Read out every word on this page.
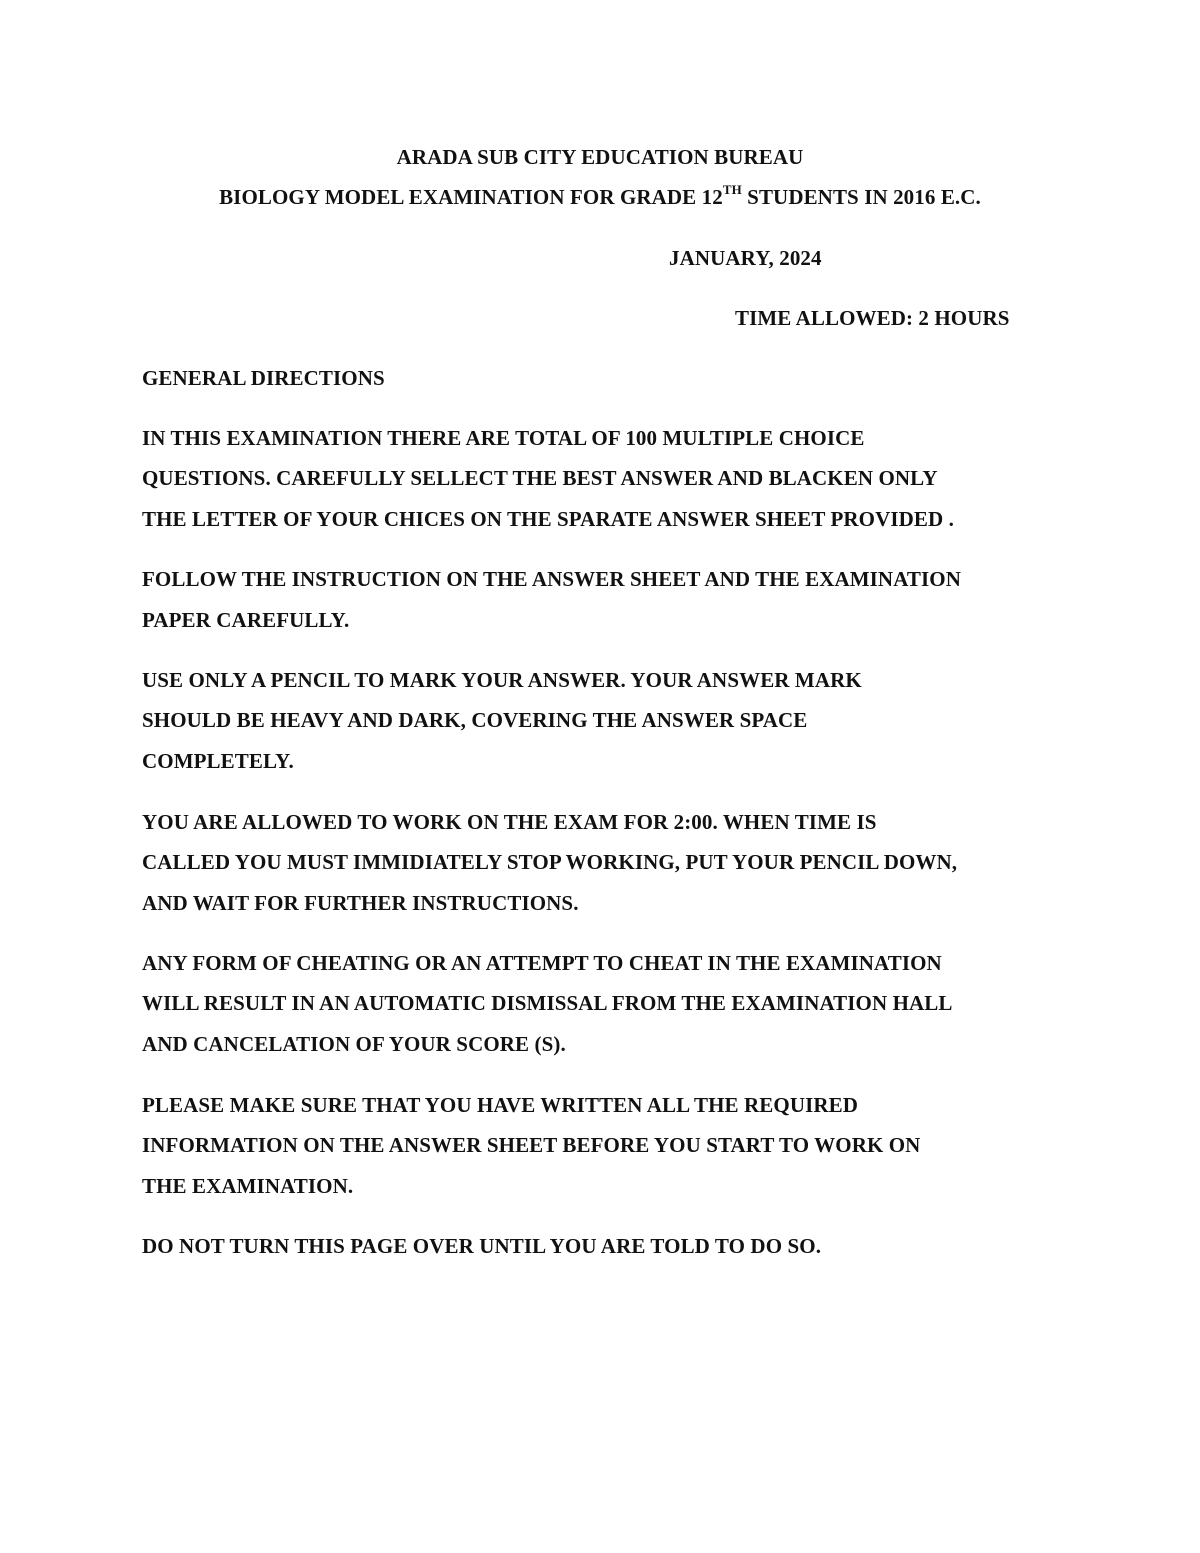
ARADA SUB CITY EDUCATION BUREAU
BIOLOGY MODEL EXAMINATION FOR GRADE 12TH STUDENTS IN 2016 E.C.
JANUARY, 2024
TIME ALLOWED: 2 HOURS
GENERAL DIRECTIONS
IN THIS EXAMINATION THERE ARE TOTAL OF 100 MULTIPLE CHOICE
QUESTIONS. CAREFULLY SELLECT THE BEST ANSWER AND BLACKEN ONLY
THE LETTER OF YOUR CHICES ON THE SPARATE ANSWER SHEET PROVIDED .
FOLLOW THE INSTRUCTION ON THE ANSWER SHEET AND THE EXAMINATION
PAPER CAREFULLY.
USE ONLY A PENCIL TO MARK YOUR ANSWER. YOUR ANSWER MARK
SHOULD BE HEAVY AND DARK, COVERING THE ANSWER SPACE
COMPLETELY.
YOU ARE ALLOWED TO WORK ON THE EXAM FOR 2:00. WHEN TIME IS
CALLED YOU MUST IMMIDIATELY STOP WORKING, PUT YOUR PENCIL DOWN,
AND WAIT FOR FURTHER INSTRUCTIONS.
ANY FORM OF CHEATING OR AN ATTEMPT TO CHEAT IN THE EXAMINATION
WILL RESULT IN AN AUTOMATIC DISMISSAL FROM THE EXAMINATION HALL
AND CANCELATION OF YOUR SCORE (S).
PLEASE MAKE SURE THAT YOU HAVE WRITTEN ALL THE REQUIRED
INFORMATION ON THE ANSWER SHEET BEFORE YOU START TO WORK ON
THE EXAMINATION.
DO NOT TURN THIS PAGE OVER UNTIL YOU ARE TOLD TO DO SO.
